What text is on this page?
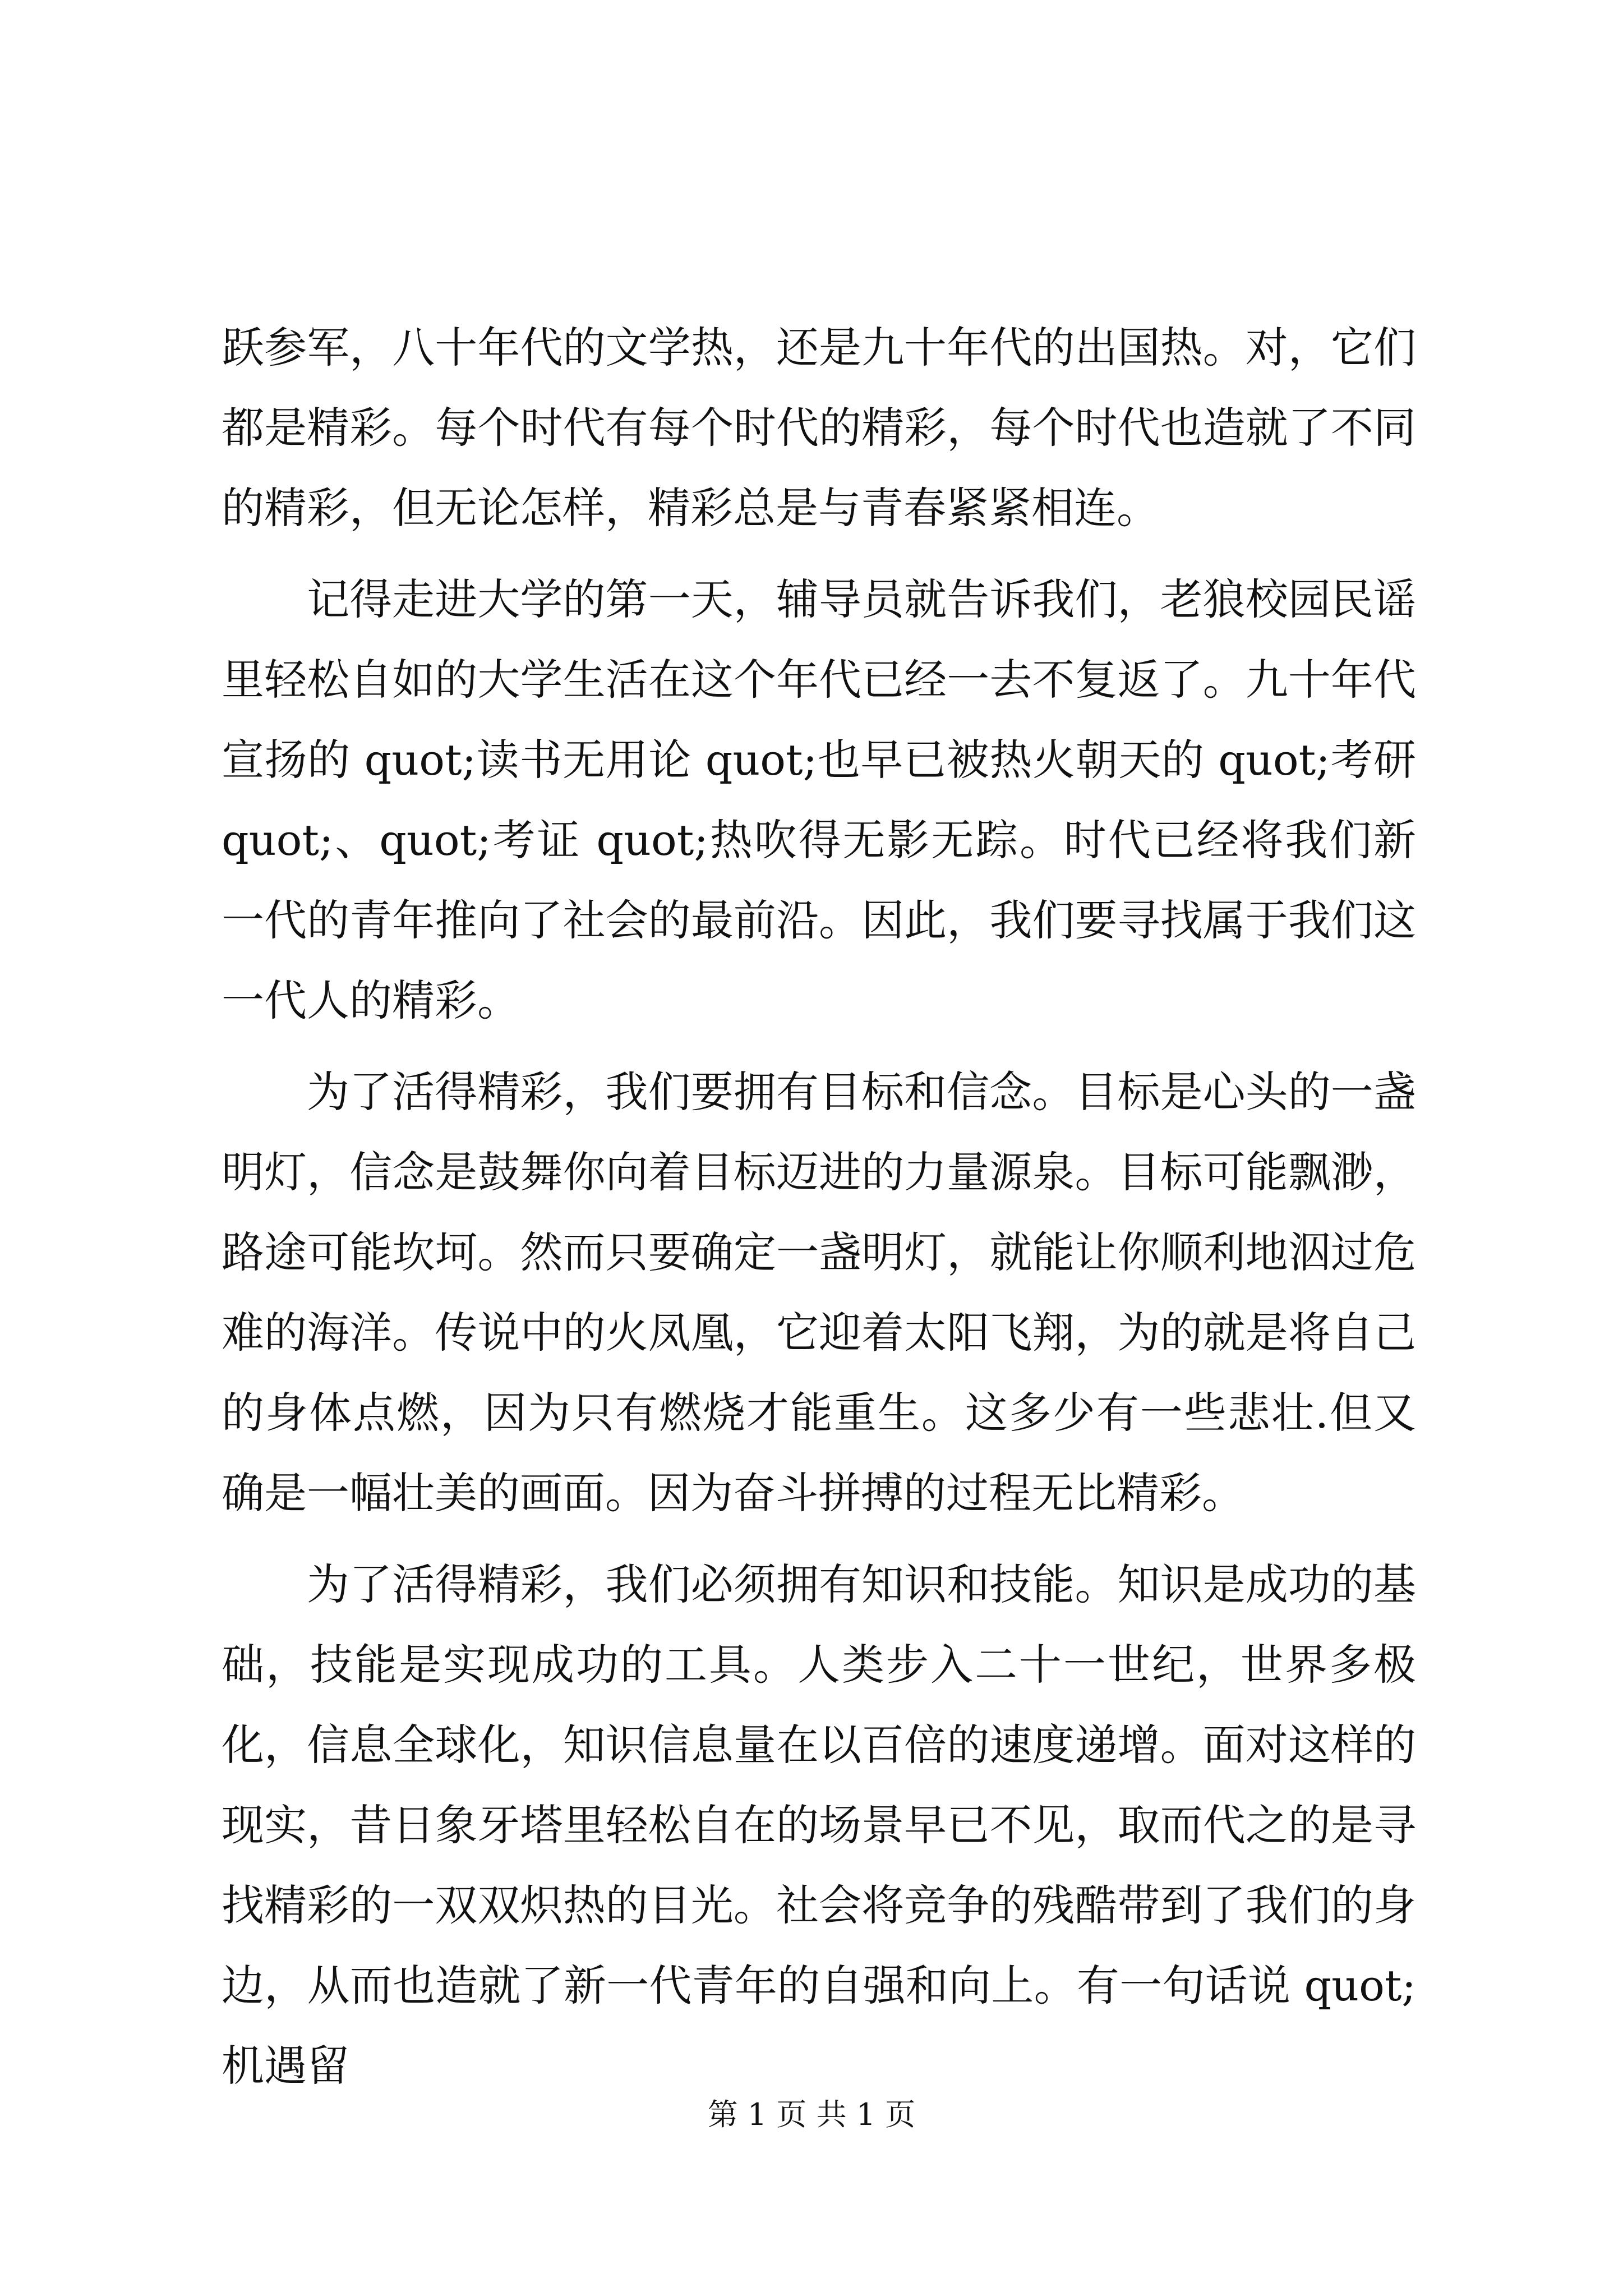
跃参军，八十年代的文学热，还是九十年代的出国热。对，它们都是精彩。每个时代有每个时代的精彩，每个时代也造就了不同的精彩，但无论怎样，精彩总是与青春紧紧相连。

记得走进大学的第一天，辅导员就告诉我们，老狼校园民谣里轻松自如的大学生活在这个年代已经一去不复返了。九十年代宣扬的 quot;读书无用论 quot;也早已被热火朝天的 quot;考研 quot;、quot;考证 quot;热吹得无影无踪。时代已经将我们新一代的青年推向了社会的最前沿。因此，我们要寻找属于我们这一代人的精彩。

为了活得精彩，我们要拥有目标和信念。目标是心头的一盏明灯，信念是鼓舞你向着目标迈进的力量源泉。目标可能飘渺，路途可能坎坷。然而只要确定一盏明灯，就能让你顺利地泅过危难的海洋。传说中的火凤凰，它迎着太阳飞翔，为的就是将自己的身体点燃，因为只有燃烧才能重生。这多少有一些悲壮.但又确是一幅壮美的画面。因为奋斗拼搏的过程无比精彩。

为了活得精彩，我们必须拥有知识和技能。知识是成功的基础，技能是实现成功的工具。人类步入二十一世纪，世界多极化，信息全球化，知识信息量在以百倍的速度递增。面对这样的现实，昔日象牙塔里轻松自在的场景早已不见，取而代之的是寻找精彩的一双双炽热的目光。社会将竞争的残酷带到了我们的身边，从而也造就了新一代青年的自强和向上。有一句话说 quot;机遇留

第 1 页 共 1 页
